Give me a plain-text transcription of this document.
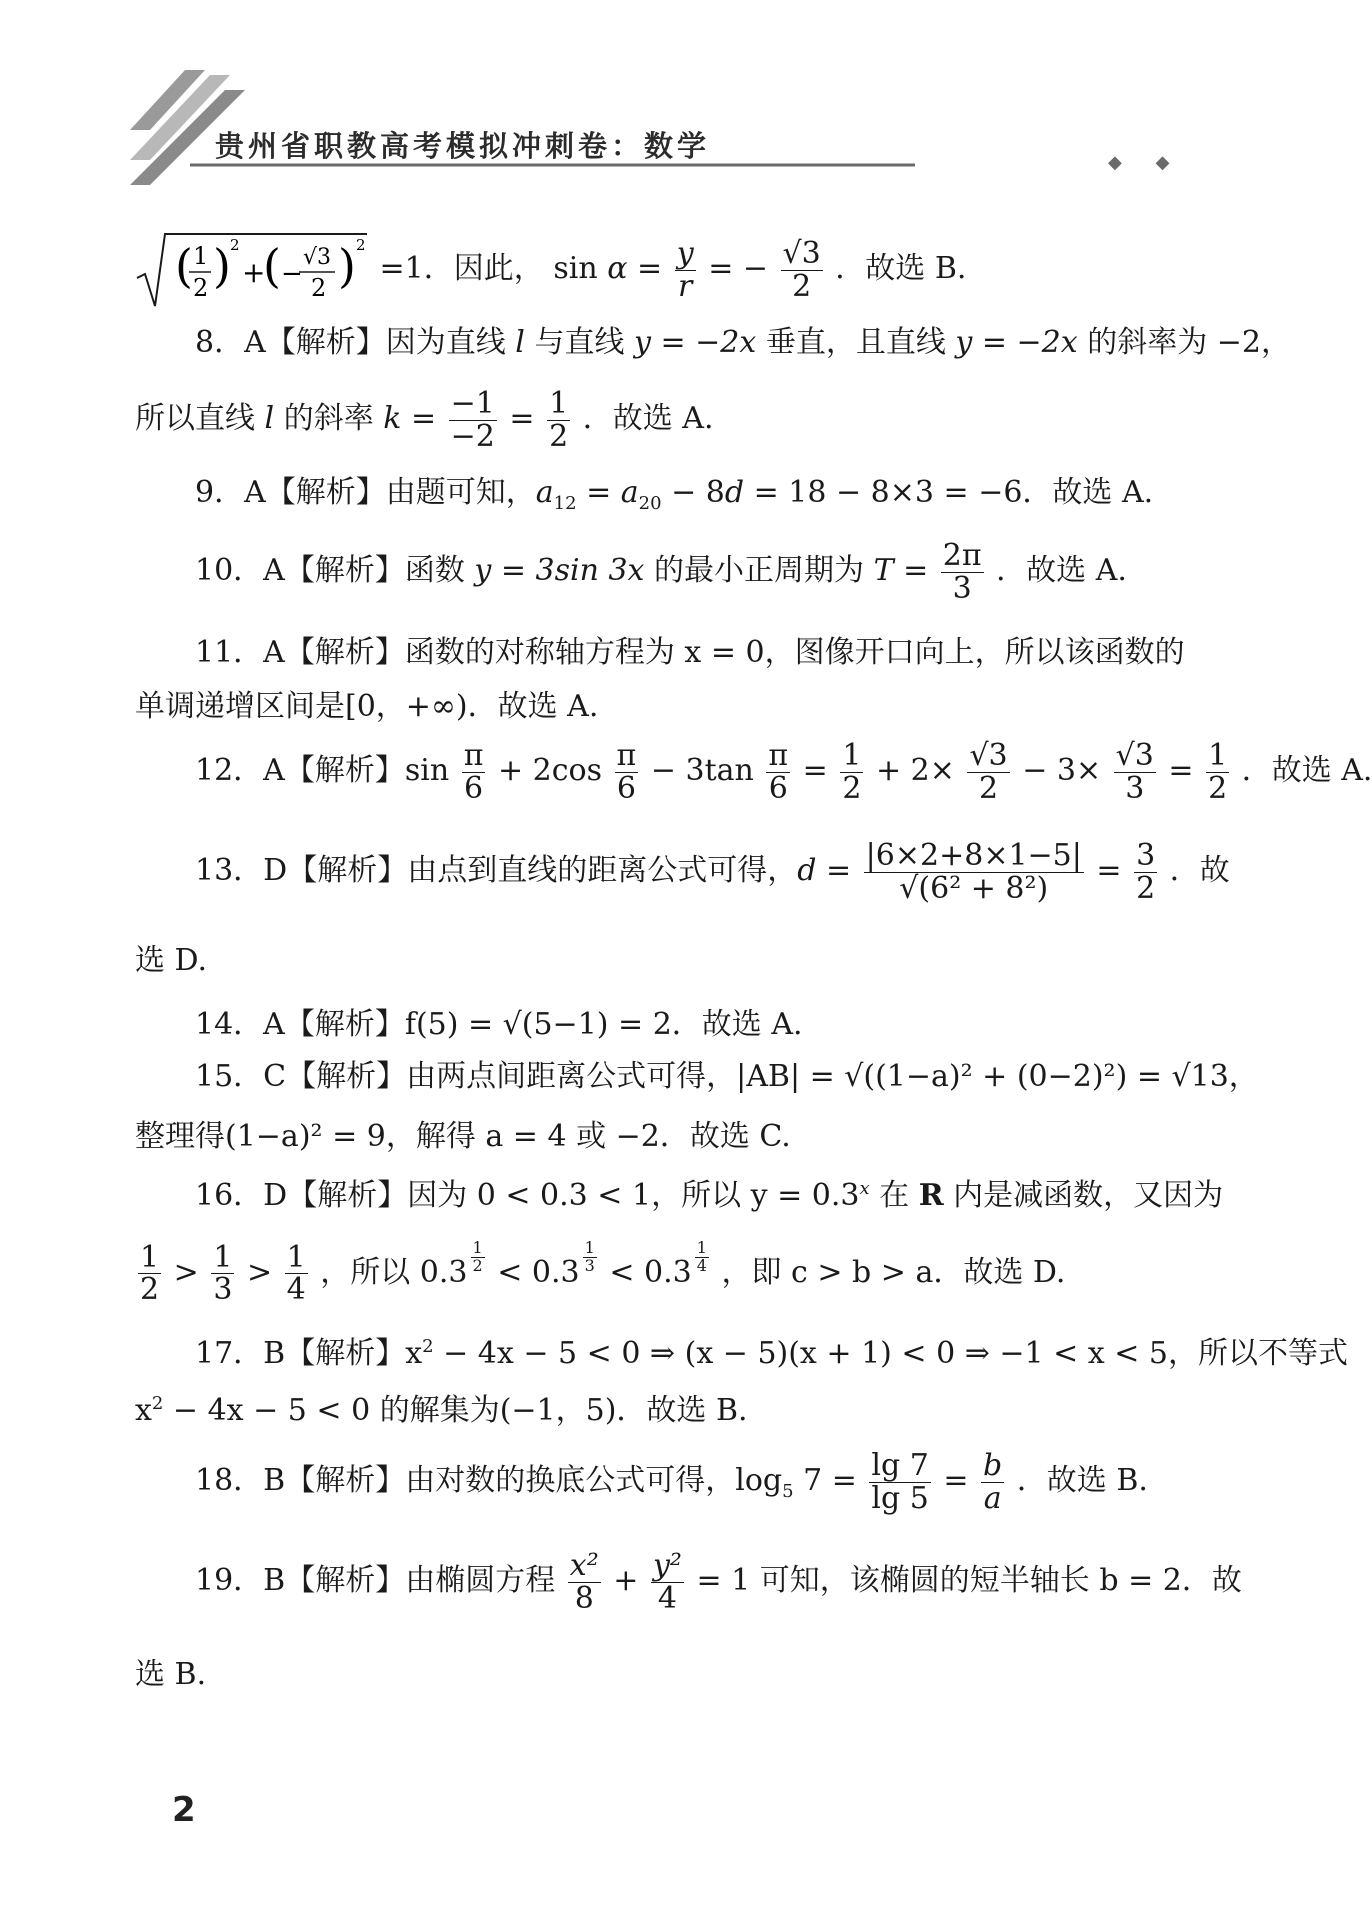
贵州省职教高考模拟冲刺卷：数学	◆ ◆
( 1
2 ) 2
+
( −
√3
2 ) 2
=1．因此， $\sin \alpha = \frac{y}{r}$ = − $\frac{√3}{2}$ ．故选 B.
8．A【解析】因为直线 l 与直线 y = −2x 垂直，且直线 y = −2x 的斜率为 −2，
所以直线 l 的斜率 $k = \frac{-1}{-2} = \frac{1}{2}$ ．故选 A.
9．A【解析】由题可知，$a_{12} = a_{20} - 8d = 18 - 8\times 3 = -6$．故选 A.
10．A【解析】函数 y = 3sin 3x 的最小正周期为 $T = \frac{2\pi}{3}$ ．故选 A.
11．A【解析】函数的对称轴方程为 x = 0，图像开口向上，所以该函数的
单调递增区间是[0，+∞)．故选 A.
12．A【解析】$\sin \frac{\pi}{6} + 2\cos \frac{\pi}{6} - 3\tan \frac{\pi}{6} = \frac{1}{2} + 2\times \frac{√3}{2} - 3\times \frac{√3}{3} = \frac{1}{2}$ ．故选 A.
13．D【解析】由点到直线的距离公式可得，$d = \frac{|6\times 2+8\times 1-5|}{\text{√(6² + 8²)}} = \frac{3}{2}$ ．故
选 D.
14．A【解析】f(5) = √(5−1) = 2．故选 A.
15．C【解析】由两点间距离公式可得，|AB| = √((1−a)² + (0−2)²) = √13，
整理得(1−a)² = 9，解得 a = 4 或 −2．故选 C.
16．D【解析】因为 0 < 0.3 < 1，所以 $y = 0.3^x$ 在 R 内是减函数，又因为
$\frac{1}{2} > \frac{1}{3} > \frac{1}{4}$ ，所以 $0.3 \frac{1}{2} < 0.3 \frac{1}{3} < 0.3 \frac{1}{4}$ ，即 c > b > a．故选 D.
17．B【解析】$x^2 - 4x - 5 < 0$ ⇒ (x − 5)(x + 1) < 0 ⇒ −1 < x < 5，所以不等式
$x^2 - 4x - 5 < 0$ 的解集为(−1，5)．故选 B.
18．B【解析】由对数的换底公式可得，$\log_5 7 = \frac{\lg 7}{\lg 5} = \frac{b}{a}$ ．故选 B.
19．B【解析】由椭圆方程 $\frac{\text{x²}}{8} + \frac{\text{y²}}{4} = 1$ 可知，该椭圆的短半轴长 b = 2．故
选 B.
2
